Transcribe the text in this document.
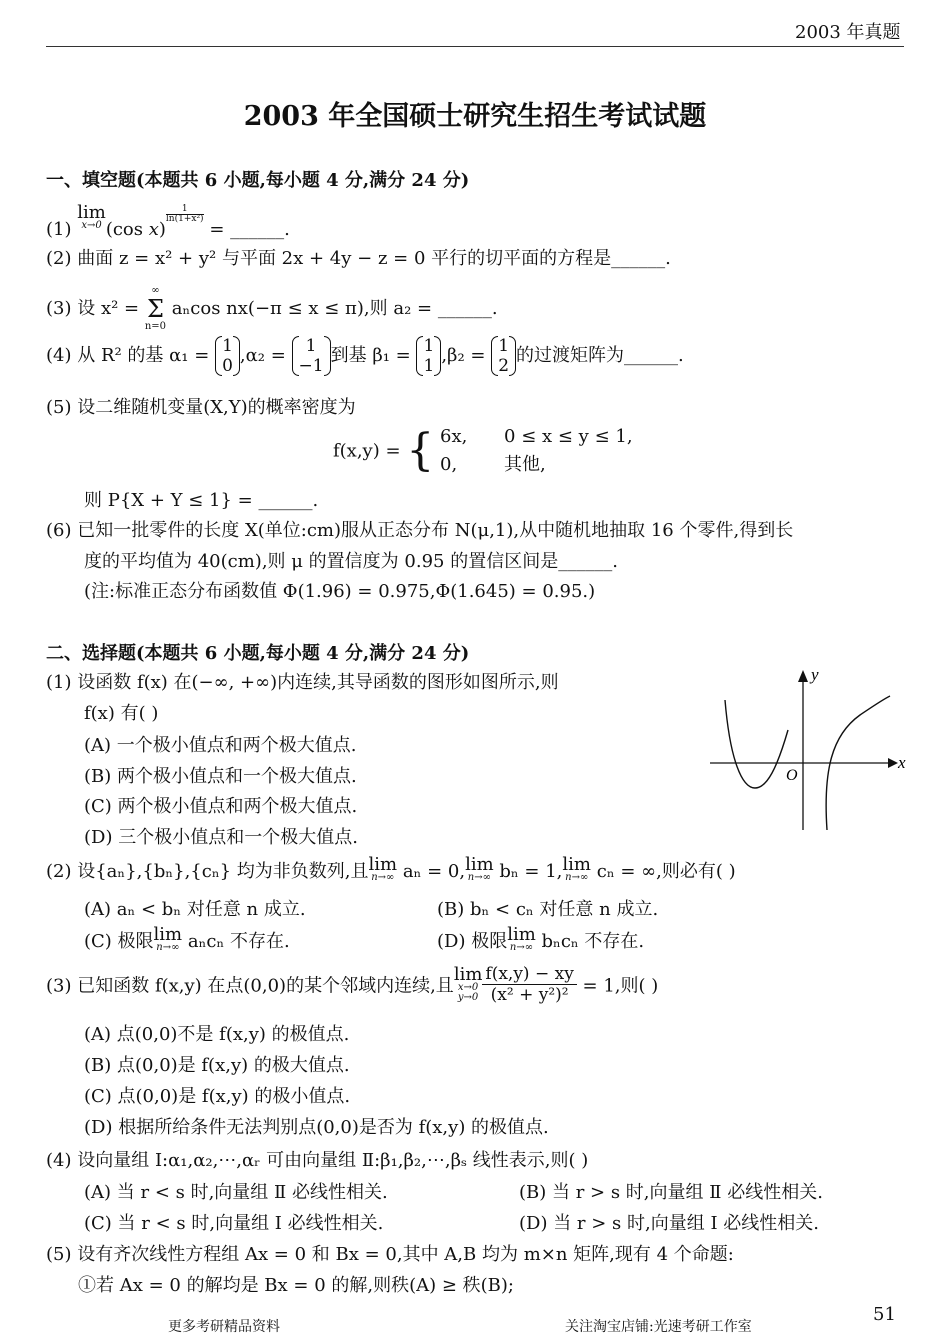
2003 年真题
2003 年全国硕士研究生招生考试试题
一、填空题(本题共 6 小题,每小题 4 分,满分 24 分)
(1) lim
x→0 (cos x)
$\frac{1}{\text{ln(1+x²)}}$
= ______.
(2) 曲面 z = x² + y² 与平面 2x + 4y − z = 0 平行的切平面的方程是______.
(3) 设 x² =
∞
Σ
n=0
aₙcos nx(−π ≤ x ≤ π),则 a₂ = ______.
(4) 从 R² 的基 α₁ = 1
0 ,α₂ =	1
−1 到基 β₁ = 1
1 ,β₂ = 1
2 的过渡矩阵为______.
(5) 设二维随机变量(X,Y)的概率密度为
f(x,y) = { 6x, 0 ≤ x ≤ y ≤ 1,
0,	其他,
则 P{X + Y ≤ 1} = ______.
(6) 已知一批零件的长度 X(单位:cm)服从正态分布 N(μ,1),从中随机地抽取 16 个零件,得到长
度的平均值为 40(cm),则 μ 的置信度为 0.95 的置信区间是______.
(注:标准正态分布函数值 Φ(1.96) = 0.975,Φ(1.645) = 0.95.)
二、选择题(本题共 6 小题,每小题 4 分,满分 24 分)
(1) 设函数 f(x) 在(−∞, +∞)内连续,其导函数的图形如图所示,则
f(x) 有( )
(A) 一个极小值点和两个极大值点.
(B) 两个极小值点和一个极大值点.
(C) 两个极小值点和两个极大值点.
(D) 三个极小值点和一个极大值点.
x
y
O
(2) 设{aₙ},{bₙ},{cₙ} 均为非负数列,且lim
n→∞ aₙ = 0,lim
n→∞ bₙ = 1,lim
n→∞ cₙ = ∞,则必有( )
(A) aₙ < bₙ 对任意 n 成立.	(B) bₙ < cₙ 对任意 n 成立.
(C) 极限lim
n→∞ aₙcₙ 不存在.	(D) 极限lim
n→∞ bₙcₙ 不存在.
(3) 已知函数 f(x,y) 在点(0,0)的某个邻域内连续,且lim
x→0
$y\to 0 \frac{f(x,y) - xy}{\text{(x² + y²)²}} = 1$,则( )
(A) 点(0,0)不是 f(x,y) 的极值点.
(B) 点(0,0)是 f(x,y) 的极大值点.
(C) 点(0,0)是 f(x,y) 的极小值点.
(D) 根据所给条件无法判别点(0,0)是否为 f(x,y) 的极值点.
(4) 设向量组 Ⅰ:α₁,α₂,⋯,αᵣ 可由向量组 Ⅱ:β₁,β₂,⋯,βₛ 线性表示,则( )
(A) 当 r < s 时,向量组 Ⅱ 必线性相关.	(B) 当 r > s 时,向量组 Ⅱ 必线性相关.
(C) 当 r < s 时,向量组 Ⅰ 必线性相关.	(D) 当 r > s 时,向量组 Ⅰ 必线性相关.
(5) 设有齐次线性方程组 Ax = 0 和 Bx = 0,其中 A,B 均为 m×n 矩阵,现有 4 个命题:
①若 Ax = 0 的解均是 Bx = 0 的解,则秩(A) ≥ 秩(B);
更多考研精品资料	关注淘宝店铺:光速考研工作室
51
